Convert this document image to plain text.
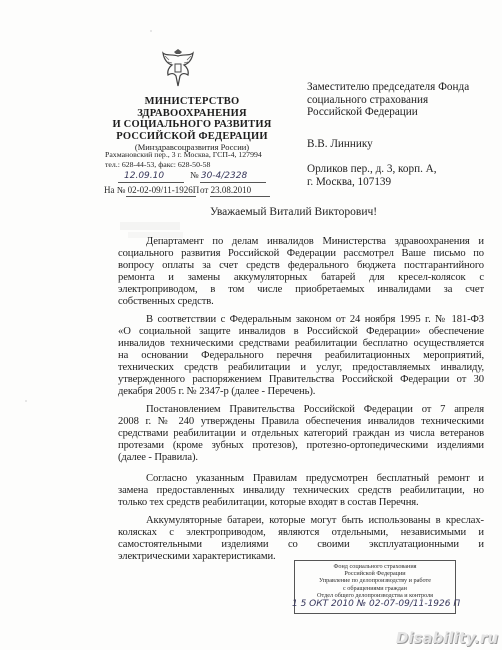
МИНИСТЕРСТВО
ЗДРАВООХРАНЕНИЯ
И СОЦИАЛЬНОГО РАЗВИТИЯ
РОССИЙСКОЙ ФЕДЕРАЦИИ
(Минздравсоцразвития России)
Рахмановский пер., 3 г. Москва, ГСП-4, 127994
тел.: 628-44-53, факс: 628-50-58
12.09.10	№ 30-4/2328
На № 02-02-09/11-1926П от 23.08.2010
Заместителю председателя Фонда
социального страхования
Российской Федерации
В.В. Линнику
Орликов пер., д. 3, корп. А,
г. Москва, 107139
Уважаемый Виталий Викторович!
Департамент по делам инвалидов Министерства здравоохранения и
социального развития Российской Федерации рассмотрел Ваше письмо по
вопросу оплаты за счет средств федерального бюджета постгарантийного
ремонта и замены аккумуляторных батарей для кресел-колясок с
электроприводом, в том числе приобретаемых инвалидами за счет
собственных средств.
В соответствии с Федеральным законом от 24 ноября 1995 г. № 181-ФЗ
«О социальной защите инвалидов в Российской Федерации» обеспечение
инвалидов техническими средствами реабилитации бесплатно осуществляется
на основании Федерального перечня реабилитационных мероприятий,
технических средств реабилитации и услуг, предоставляемых инвалиду,
утвержденного распоряжением Правительства Российской Федерации от 30
декабря 2005 г. № 2347-р (далее - Перечень).
Постановлением Правительства Российской Федерации от 7 апреля
2008 г. № 240 утверждены Правила обеспечения инвалидов техническими
средствами реабилитации и отдельных категорий граждан из числа ветеранов
протезами (кроме зубных протезов), протезно-ортопедическими изделиями
(далее - Правила).
Согласно указанным Правилам предусмотрен бесплатный ремонт и
замена предоставленных инвалиду технических средств реабилитации, но
только тех средств реабилитации, которые входят в состав Перечня.
Аккумуляторные батареи, которые могут быть использованы в креслах-
колясках с электроприводом, являются отдельными, независимыми и
самостоятельными изделиями со своими эксплуатационными и
электрическими характеристиками.
Фонд социального страхования
Российской Федерации
Управление по делопроизводству и работе
с обращениями граждан
Отдел общего делопроизводства и контроля
1 5 ОКТ 2010 № 02-07-09/11-1926 П
Disability.ru
